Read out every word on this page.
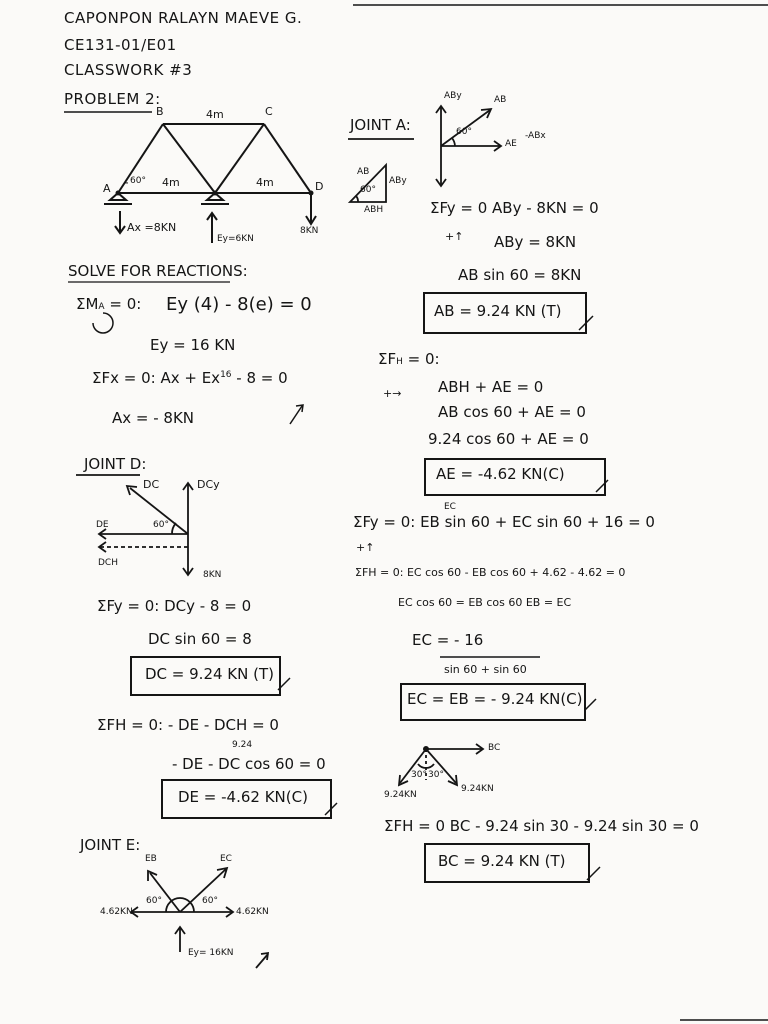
CAPONPON RALAYN MAEVE G.
CE131-01/E01
CLASSWORK #3
PROBLEM 2:
B	C
A	D
4m
4m	4m
60°
Ax =8KN
Ey=6KN
8KN
SOLVE FOR REACTIONS:
ΣMA = 0: Ey (4) - 8(e) = 0
Ey = 16 KN
ΣFx = 0: $Ax + Ex^{16} - 8 = 0$
Ax = - 8KN
JOINT D:
DC	DCy
DE
DCH
60°
8KN
ΣFy = 0: DCy - 8 = 0
DC sin 60 = 8
DC = 9.24 KN (T)
ΣFH = 0: - DE - DCH = 0
9.24
- DE - DC cos 60 = 0
DE = -4.62 KN(C)
JOINT E:
EB	EC
60°	60°
4.62KN	4.62KN
Ey= 16KN
JOINT A:
ABy	AB
60°
AE
-ABx
AB
ABy
60°
ABH	ΣFy = 0 ABy - 8KN = 0
+↑ ABy = 8KN
AB sin 60 = 8KN
AB = 9.24 KN (T)
ΣFH = 0:
+→ ABH + AE = 0
AB cos 60 + AE = 0
9.24 cos 60 + AE = 0
AE = -4.62 KN(C)
EC
ΣFy = 0: EB sin 60 + EC sin 60 + 16 = 0
+↑
ΣFH = 0: EC cos 60 - EB cos 60 + 4.62 - 4.62 = 0
EC cos 60 = EB cos 60 EB = EC
EC = - 16
sin 60 + sin 60
EC = EB = - 9.24 KN(C)
BC
30° 30°
9.24KN
9.24KN
ΣFH = 0 BC - 9.24 sin 30 - 9.24 sin 30 = 0
BC = 9.24 KN (T)
